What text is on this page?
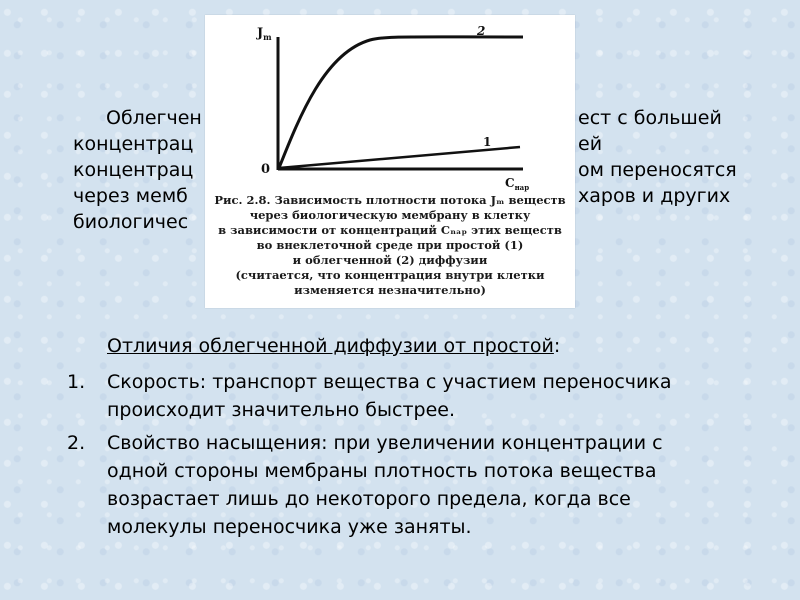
Облегчен
концентрац
концентрац
через мемб
биологичес
ест с большей
ей
ом переносятся
харов и других
Отличия облегченной диффузии от простой:
1. Скорость: транспорт вещества с участием переносчика
происходит значительно быстрее.
2. Свойство насыщения: при увеличении концентрации с
одной стороны мембраны плотность потока вещества
возрастает лишь до некоторого предела, когда все
молекулы переносчика уже заняты.
$J_m$
0
$C_{нар}$
2
1
Рис. 2.8. Зависимость плотности потока Jₘ веществ
через биологическую мембрану в клетку
в зависимости от концентраций Cₙₐₚ этих веществ
во внеклеточной среде при простой (1)
и облегченной (2) диффузии
(считается, что концентрация внутри клетки
изменяется незначительно)
